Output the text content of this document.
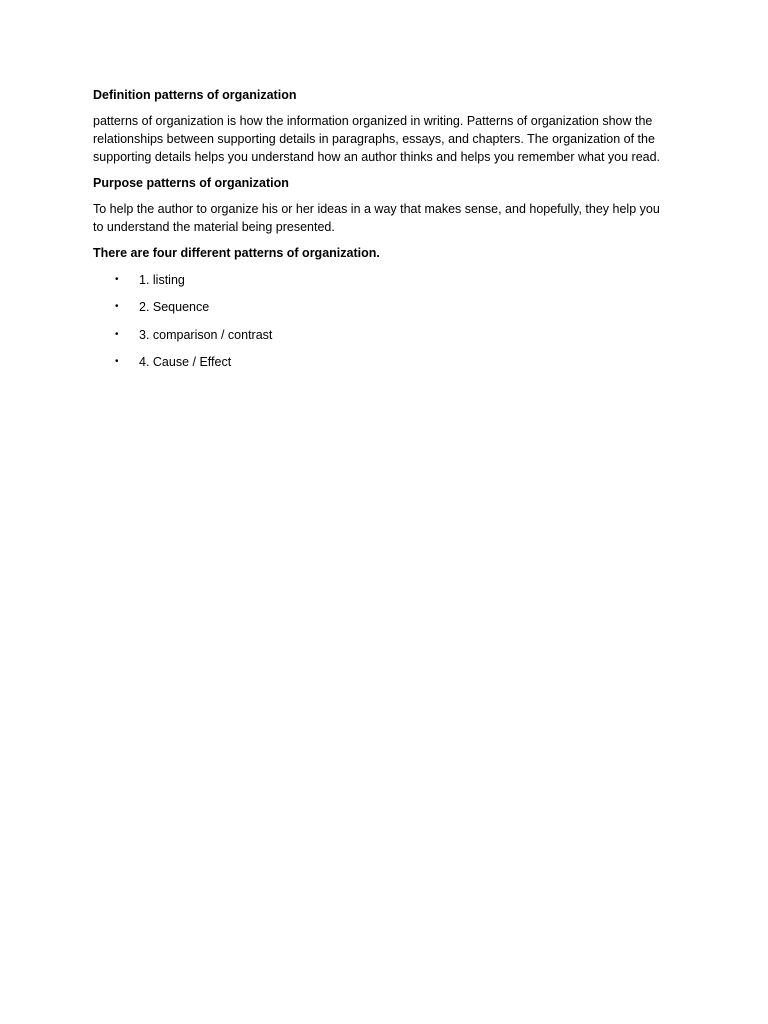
Definition patterns of organization
patterns of organization is how the information organized in writing. Patterns of organization show the relationships between supporting details in paragraphs, essays, and chapters. The organization of the supporting details helps you understand how an author thinks and helps you remember what you read.
Purpose patterns of organization
To help the author to organize his or her ideas in a way that makes sense, and hopefully, they help you to understand the material being presented.
There are four different patterns of organization.
• 1. listing
• 2. Sequence
• 3. comparison / contrast
• 4. Cause / Effect
